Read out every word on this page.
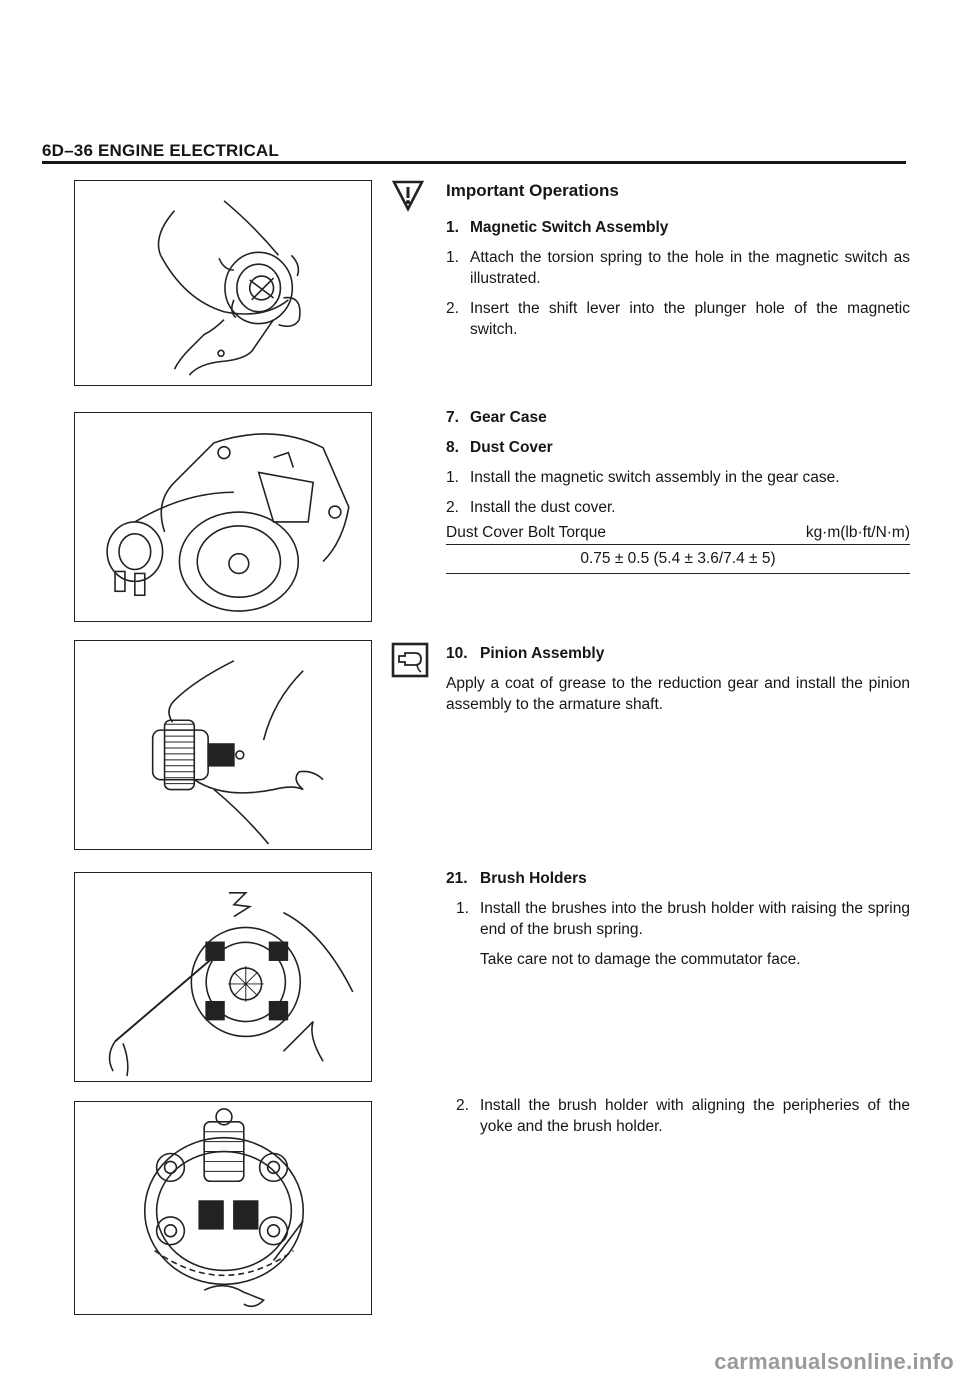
6D–36 ENGINE ELECTRICAL
Important Operations
1. Magnetic Switch Assembly
1. Attach the torsion spring to the hole in the magnetic switch as illustrated.
2. Insert the shift lever into the plunger hole of the magnetic switch.
7. Gear Case
8. Dust Cover
1. Install the magnetic switch assembly in the gear case.
2. Install the dust cover.
Dust Cover Bolt Torque	kg·m(lb·ft/N·m)
0.75 ± 0.5 (5.4 ± 3.6/7.4 ± 5)
10. Pinion Assembly
Apply a coat of grease to the reduction gear and install the pinion assembly to the armature shaft.
21. Brush Holders
1. Install the brushes into the brush holder with raising the spring end of the brush spring.
Take care not to damage the commutator face.
2. Install the brush holder with aligning the peripheries of the yoke and the brush holder.
carmanualsonline.info
